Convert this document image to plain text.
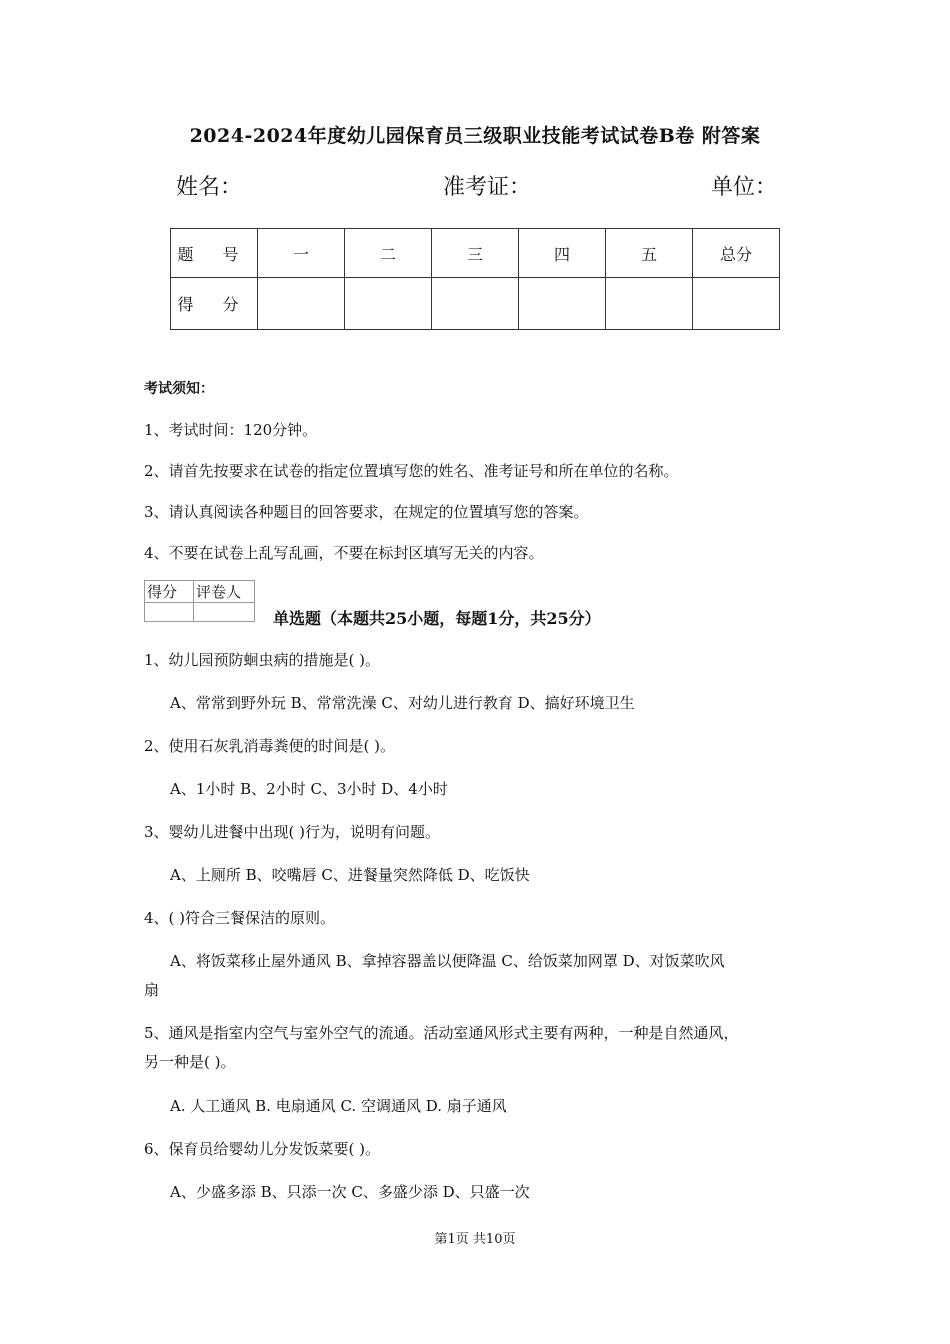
2024-2024年度幼儿园保育员三级职业技能考试试卷B卷 附答案
姓名：	准考证：	单位：
题 号	一	二	三	四	五	总分
得 分						
考试须知：
1、考试时间：120分钟。
2、请首先按要求在试卷的指定位置填写您的姓名、准考证号和所在单位的名称。
3、请认真阅读各种题目的回答要求，在规定的位置填写您的答案。
4、不要在试卷上乱写乱画，不要在标封区填写无关的内容。
得分	评卷人

单选题（本题共25小题，每题1分，共25分）
1、幼儿园预防蛔虫病的措施是( )。
A、常常到野外玩 B、常常洗澡 C、对幼儿进行教育 D、搞好环境卫生
2、使用石灰乳消毒粪便的时间是( )。
A、1小时 B、2小时 C、3小时 D、4小时
3、婴幼儿进餐中出现( )行为，说明有问题。
A、上厕所 B、咬嘴唇 C、进餐量突然降低 D、吃饭快
4、( )符合三餐保洁的原则。
A、将饭菜移止屋外通风 B、拿掉容器盖以便降温 C、给饭菜加网罩 D、对饭菜吹风
扇
5、通风是指室内空气与室外空气的流通。活动室通风形式主要有两种，一种是自然通风，
另一种是( )。
A. 人工通风 B. 电扇通风 C. 空调通风 D. 扇子通风
6、保育员给婴幼儿分发饭菜要( )。
A、少盛多添 B、只添一次 C、多盛少添 D、只盛一次
第1页 共10页
